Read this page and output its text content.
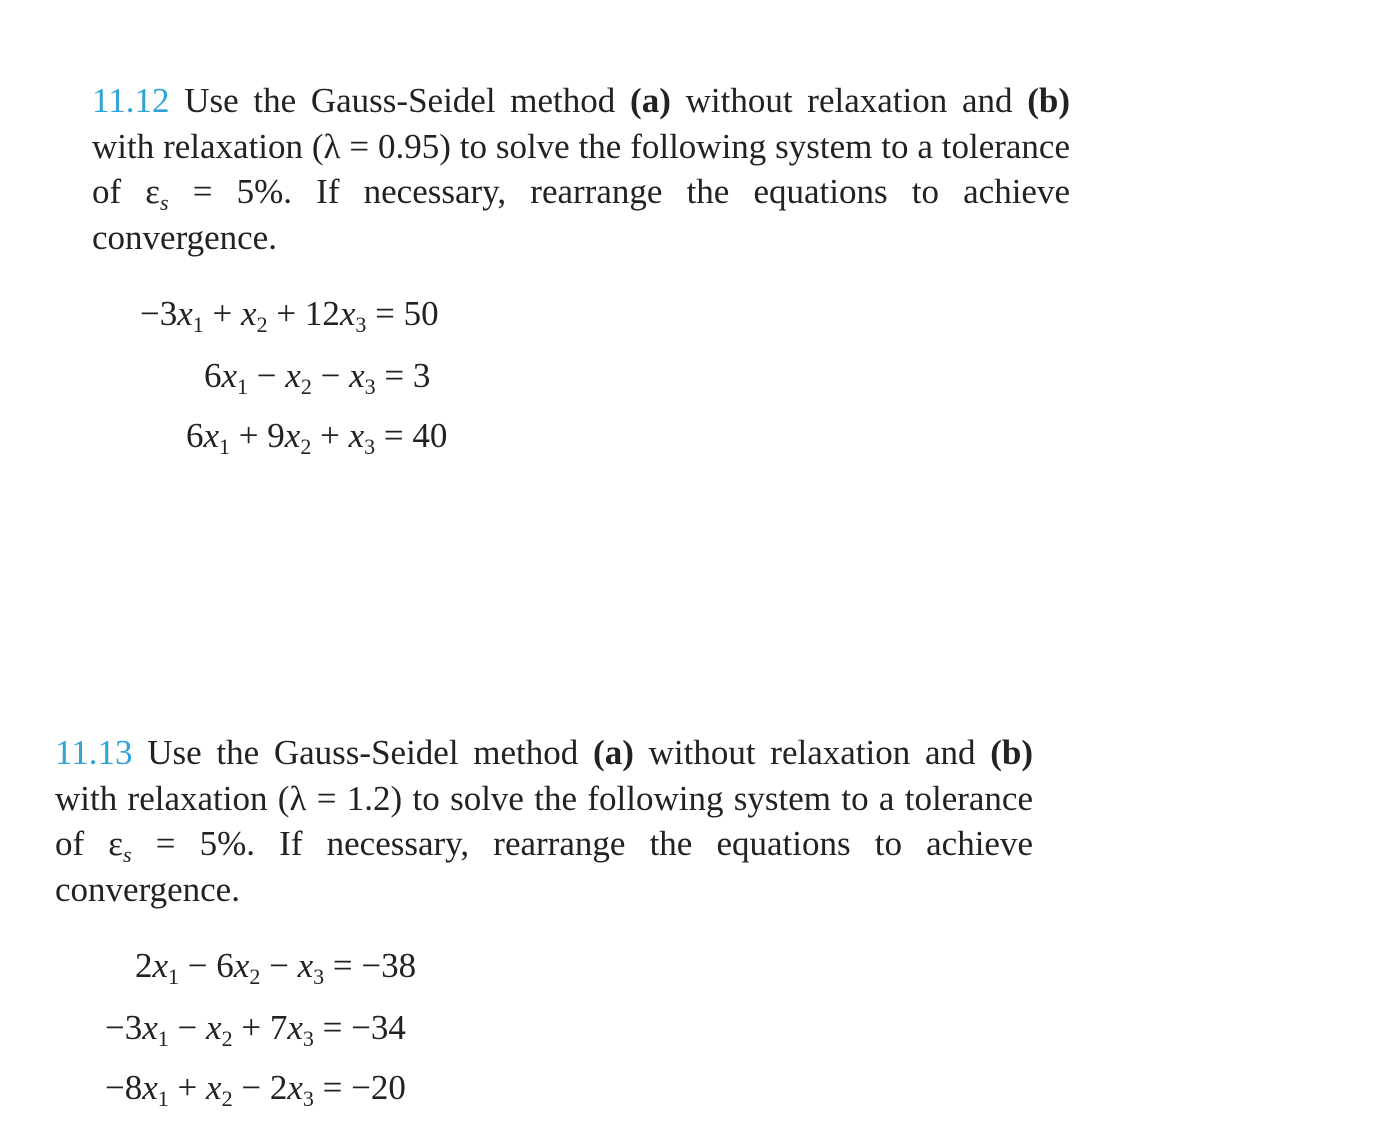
11.12 Use the Gauss-Seidel method (a) without relaxation and (b) with relaxation (λ = 0.95) to solve the following system to a tolerance of $\varepsilon_s = 5\%$. If necessary, rearrange the equations to achieve convergence.

$-3x_1 + x_2 + 12x_3 = 50$
$6x_1 - x_2 - x_3 = 3$
$6x_1 + 9x_2 + x_3 = 40$

11.13 Use the Gauss-Seidel method (a) without relaxation and (b) with relaxation (λ = 1.2) to solve the following system to a tolerance of $\varepsilon_s = 5\%$. If necessary, rearrange the equations to achieve convergence.

$2x_1 - 6x_2 - x_3 = -38$
$-3x_1 - x_2 + 7x_3 = -34$
$-8x_1 + x_2 - 2x_3 = -20$
